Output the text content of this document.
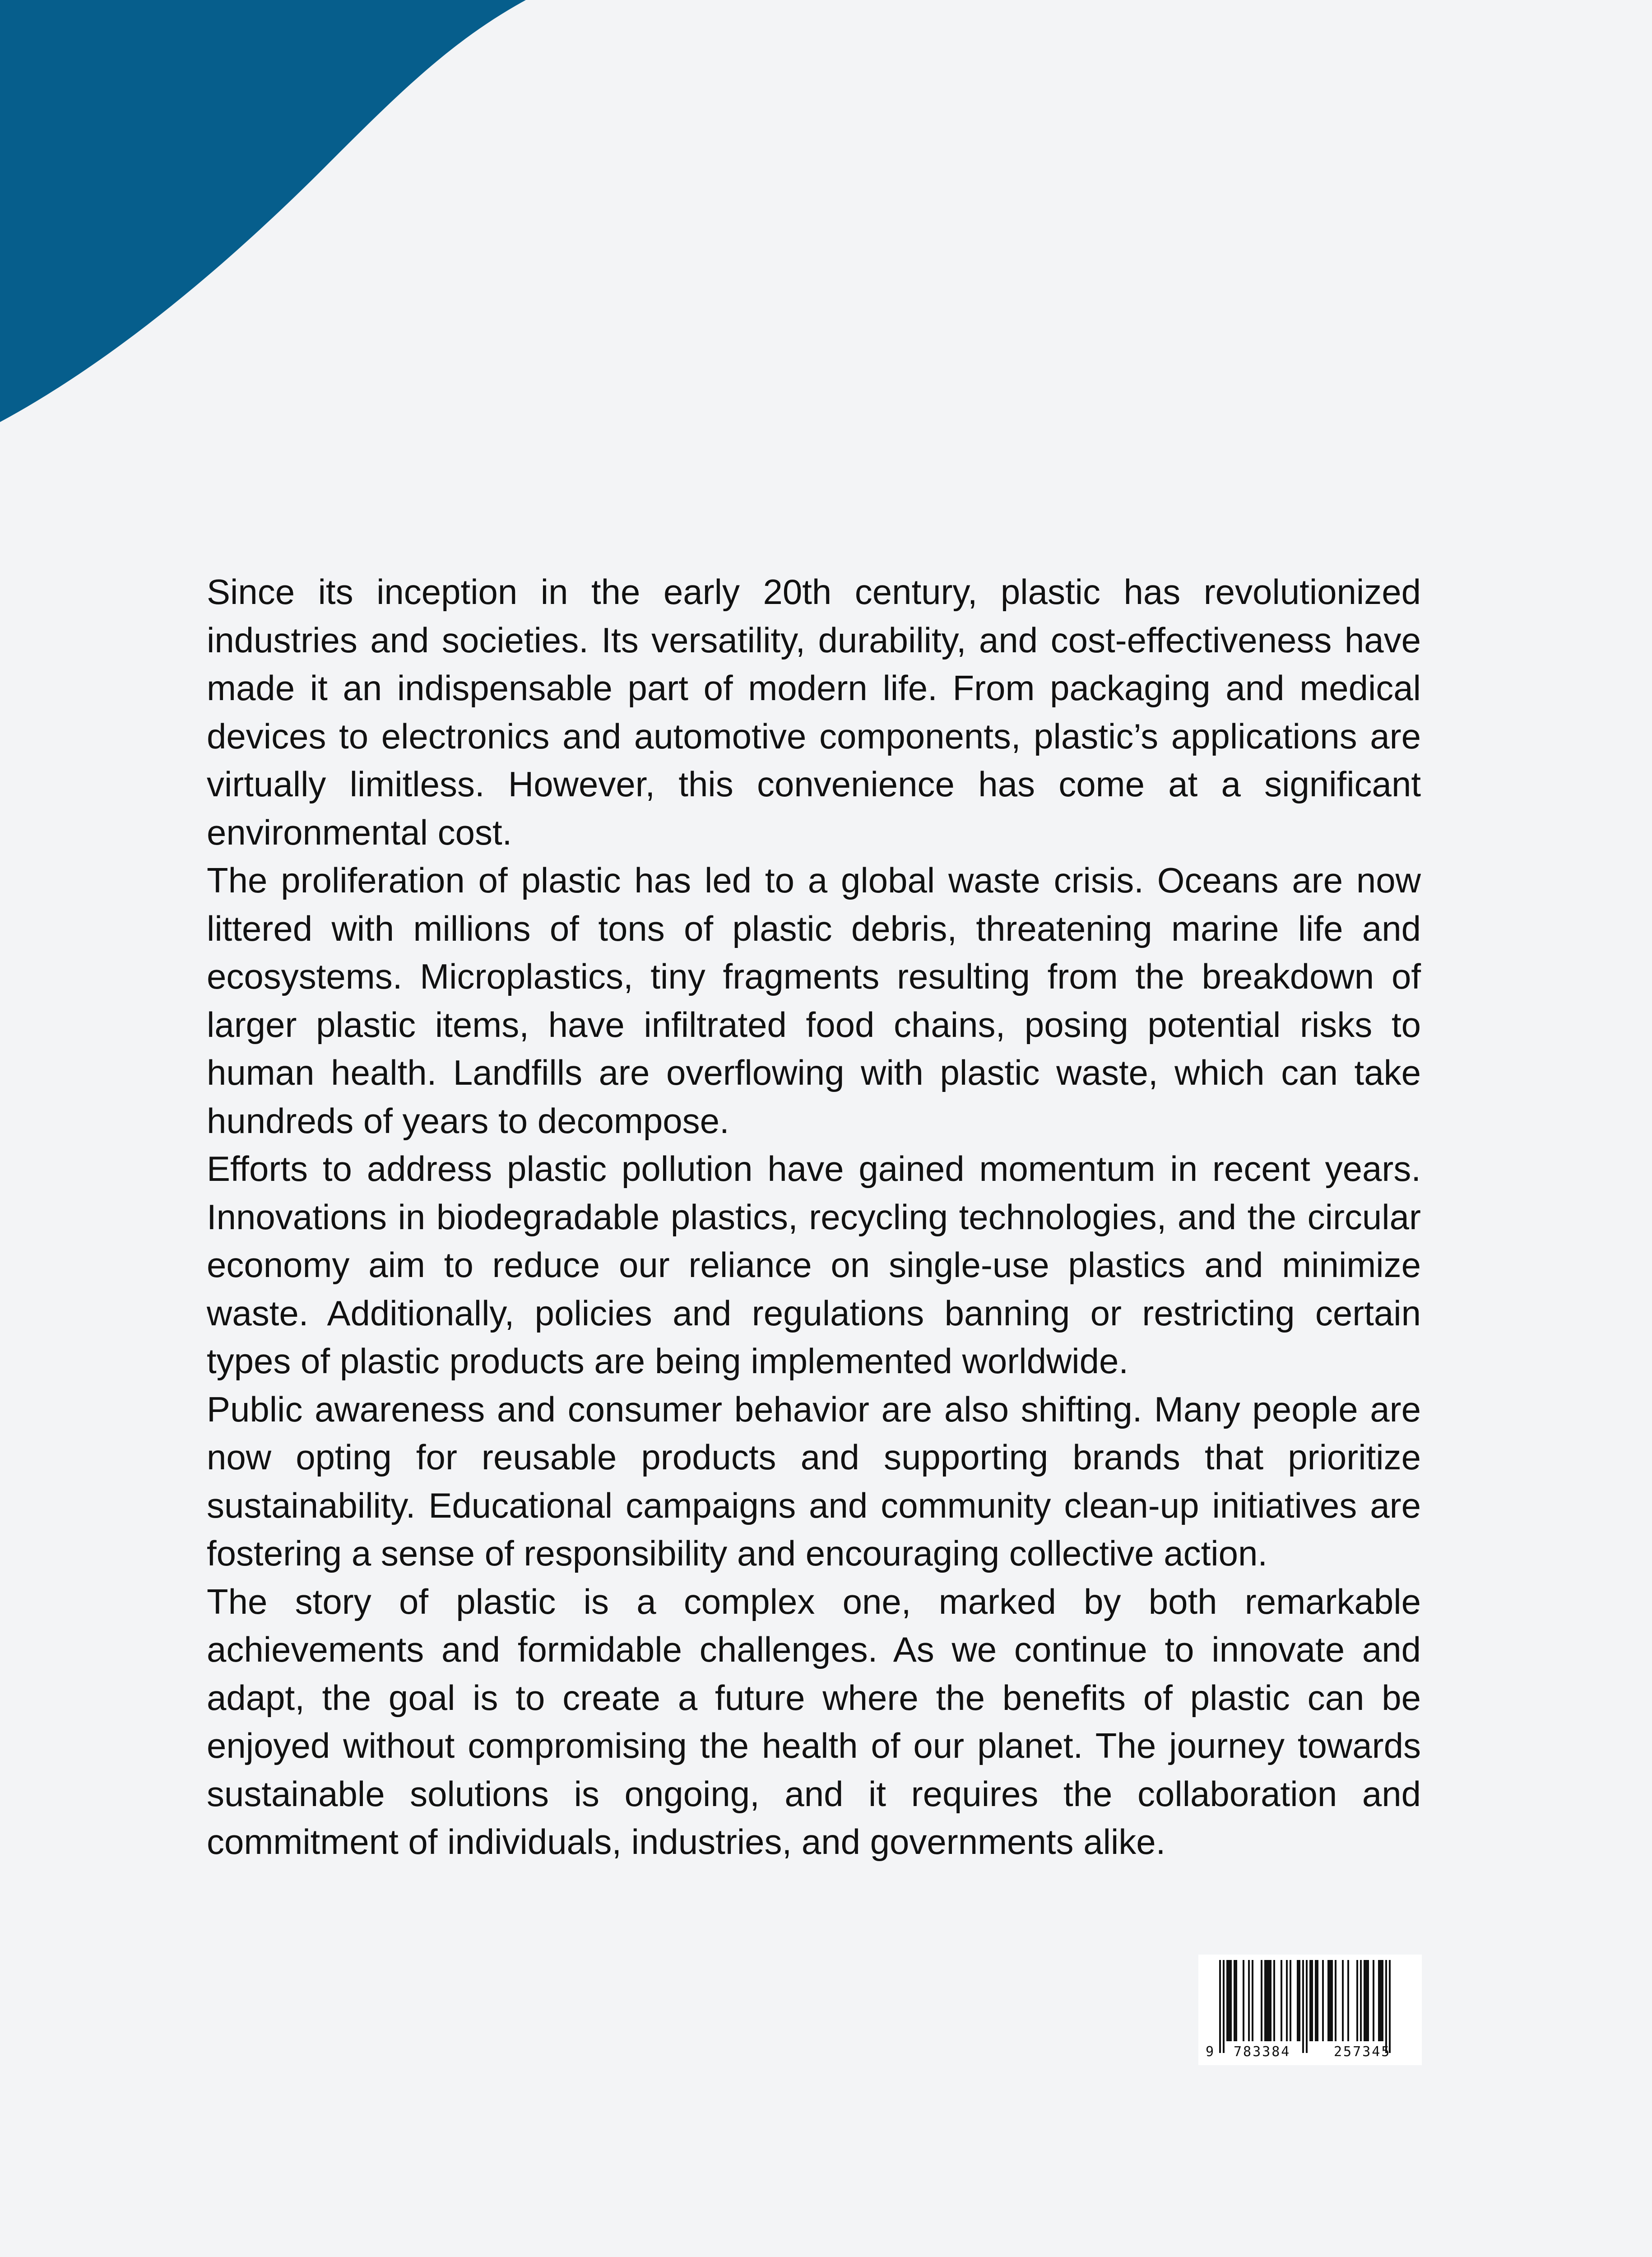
Since its inception in the early 20th century, plastic has revolutionized industries and societies. Its versatility, durability, and cost-effectiveness have made it an indispensable part of modern life. From packaging and medical devices to electronics and automotive components, plastic’s applications are virtually limitless. However, this convenience has come at a significant environmental cost.

The proliferation of plastic has led to a global waste crisis. Oceans are now littered with millions of tons of plastic debris, threatening marine life and ecosystems. Microplastics, tiny fragments resulting from the breakdown of larger plastic items, have infiltrated food chains, posing potential risks to human health. Landfills are overflowing with plastic waste, which can take hundreds of years to decompose.

Efforts to address plastic pollution have gained momentum in recent years. Innovations in biodegradable plastics, recycling technologies, and the circular economy aim to reduce our reliance on single-use plastics and minimize waste. Additionally, policies and regulations banning or restricting certain types of plastic products are being implemented worldwide.

Public awareness and consumer behavior are also shifting. Many people are now opting for reusable products and supporting brands that prioritize sustainability. Educational campaigns and community clean-up initiatives are fostering a sense of responsibility and encouraging collective action.

The story of plastic is a complex one, marked by both remarkable achievements and formidable challenges. As we continue to innovate and adapt, the goal is to create a future where the benefits of plastic can be enjoyed without compromising the health of our planet. The journey towards sustainable solutions is ongoing, and it requires the collaboration and commitment of individuals, industries, and governments alike.

9 783384	257345
